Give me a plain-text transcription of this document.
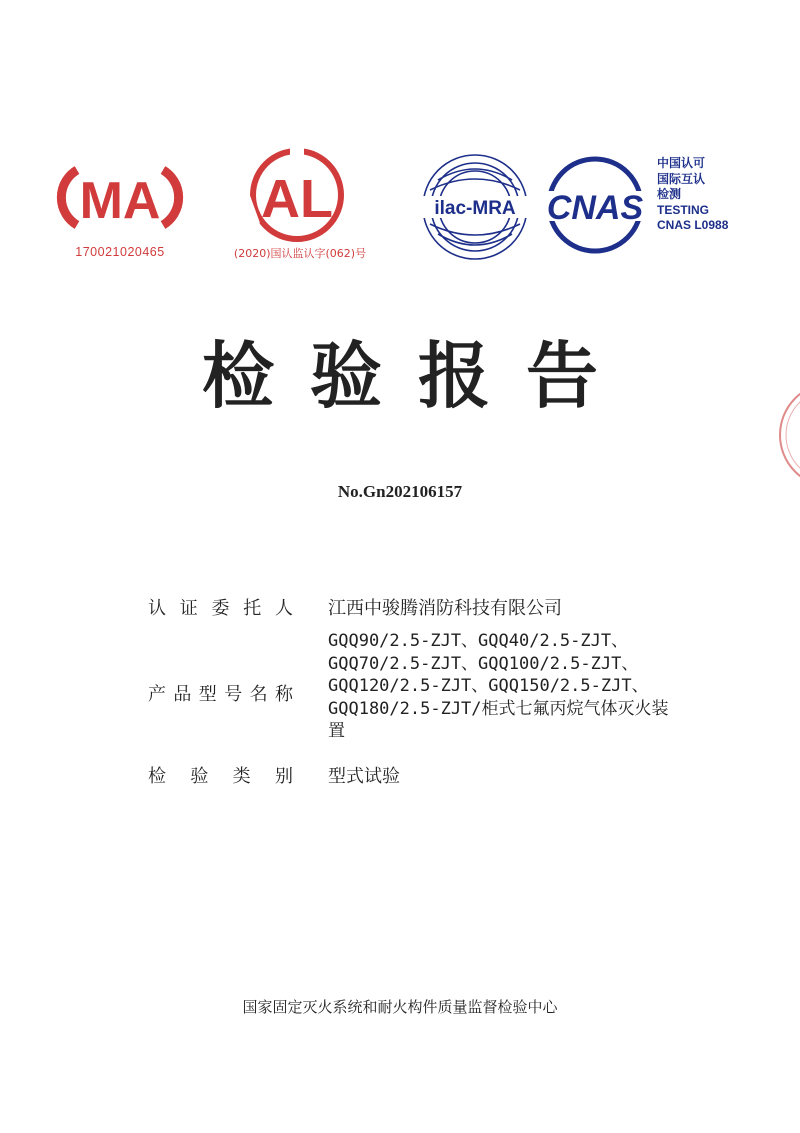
MA
170021020465
AL
(2020)国认监认字(062)号
ilac-MRA CNAS
中国认可
国际互认
检测
TESTING
CNAS L0988
检验报告
No.Gn202106157
认证委托人 江西中骏腾消防科技有限公司
产品型号名称
GQQ90/2.5-ZJT、GQQ40/2.5-ZJT、
GQQ70/2.5-ZJT、GQQ100/2.5-ZJT、
GQQ120/2.5-ZJT、GQQ150/2.5-ZJT、
GQQ180/2.5-ZJT/柜式七氟丙烷气体灭火装
置
检验类别 型式试验
国家固定灭火系统和耐火构件质量监督检验中心
